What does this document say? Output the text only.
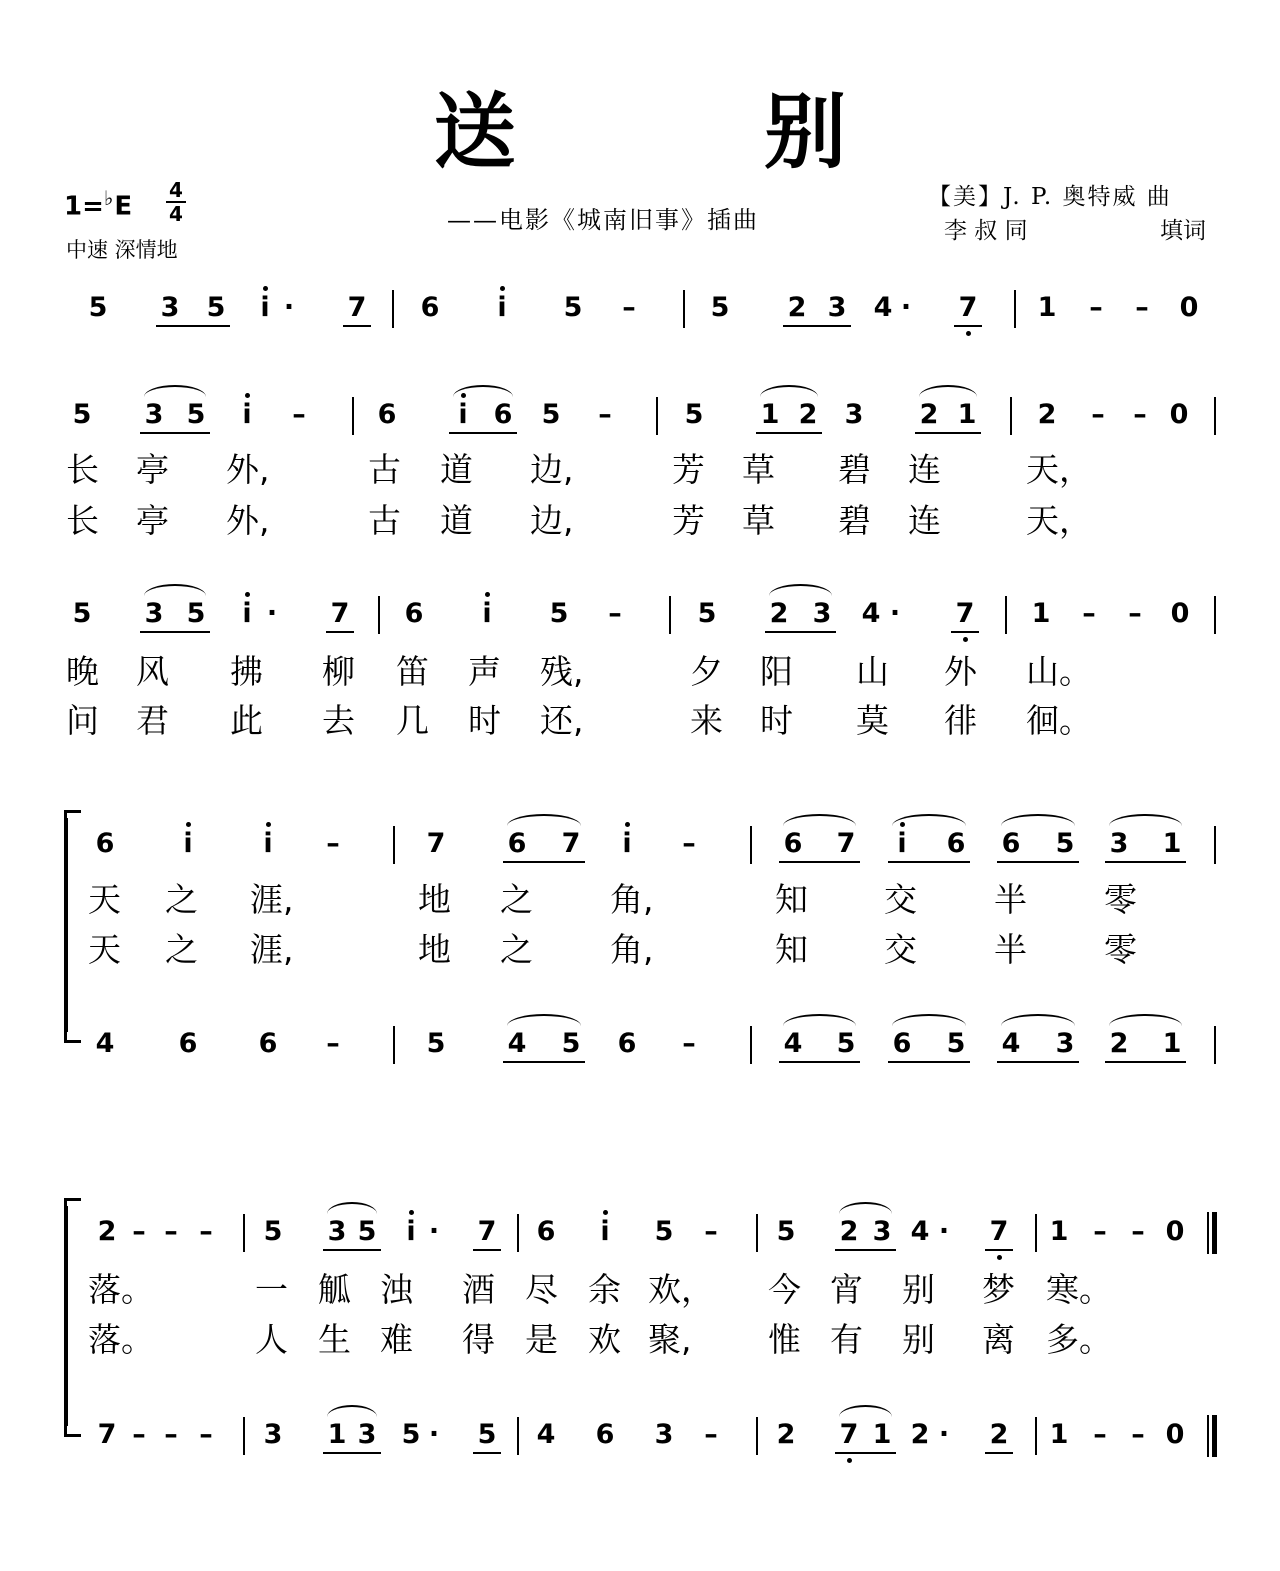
送 别
1=♭E
4
4
中速 深情地
——电影《城南旧事》插曲
【美】J. P. 奥特威 曲
李 叔 同	填词
5 3 5	i ·	7 6	i	5 –	5 2 3 4 ·	7 1 – – 0
5 3 5	i	–	6	i 6 5 –	5 1 2 3 2 1 2 – – 0
长 亭 外,	古 道 边,	芳 草 碧 连	天，
长 亭 外,	古 道 边,	芳 草 碧 连	天，
5 3 5	i ·	7 6	i	5 –	5 2 3 4 ·	7 1 – – 0
晚 风 拂 柳 笛 声 残,	夕 阳 山 外 山。
问 君 此 去 几 时 还,	来 时 莫 徘 徊。
6	i	i	–	7 6 7	i	–	6 7	i	6 6 5 3 1
天 之 涯,	地 之 角,	知 交 半 零
天 之 涯,	地 之 角,	知 交 半 零
4 6 6 –	5 4 5 6 –	4 5 6 5 4 3 2 1
2 – – – 5 3 5	i ·	7 6	i	5 – 5 2 3 4 ·	7 1 – – 0
落。	一 觚 浊 酒 尽 余 欢， 今 宵 别 梦 寒。
落。	人 生 难 得 是 欢 聚, 惟 有 别 离 多。
7 – – – 3 1 3 5 ·	5 4 6 3 – 2 7 1 2 ·	2 1 – – 0
